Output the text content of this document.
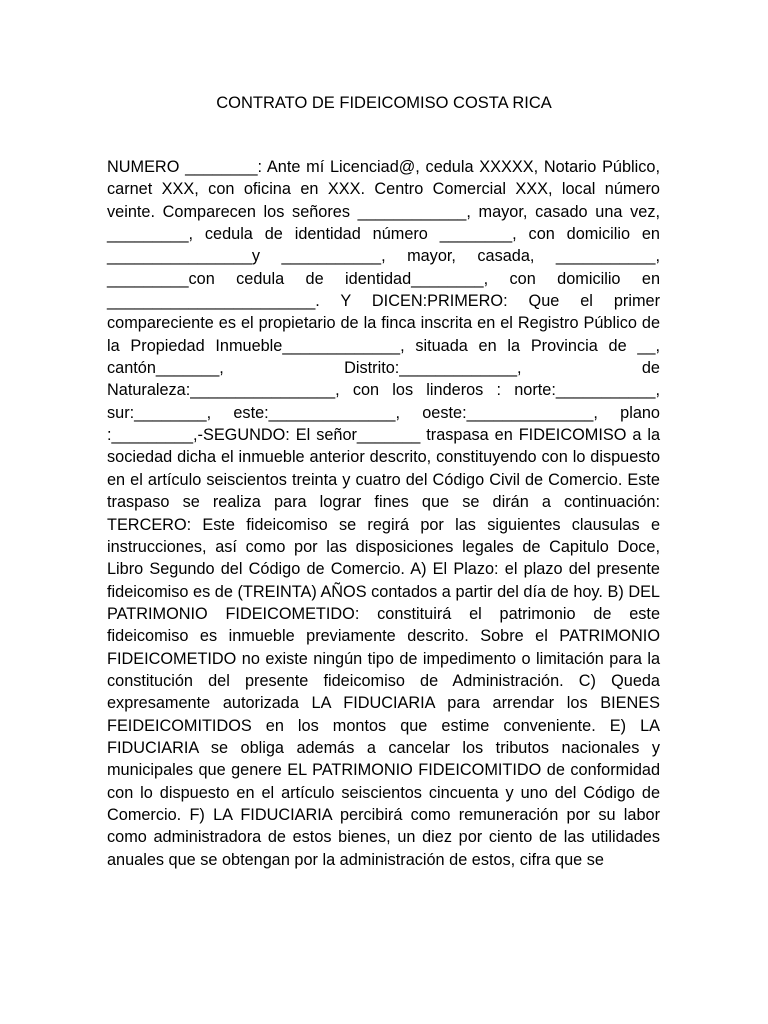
CONTRATO DE FIDEICOMISO COSTA RICA

NUMERO ________: Ante mí Licenciad@, cedula XXXXX, Notario Público, carnet XXX, con oficina en XXX. Centro Comercial XXX, local número veinte. Comparecen los señores ____________, mayor, casado una vez, _________, cedula de identidad número ________, con domicilio en ________________y ___________, mayor, casada, ___________, _________con cedula de identidad________, con domicilio en _______________________. Y DICEN:PRIMERO: Que el primer compareciente es el propietario de la finca inscrita en el Registro Público de la Propiedad Inmueble_____________, situada en la Provincia de __, cantón_______, Distrito:_____________, de Naturaleza:________________, con los linderos : norte:___________, sur:________, este:______________, oeste:______________, plano :_________,-SEGUNDO: El señor_______ traspasa en FIDEICOMISO a la sociedad dicha el inmueble anterior descrito, constituyendo con lo dispuesto en el artículo seiscientos treinta y cuatro del Código Civil de Comercio. Este traspaso se realiza para lograr fines que se dirán a continuación: TERCERO: Este fideicomiso se regirá por las siguientes clausulas e instrucciones, así como por las disposiciones legales de Capitulo Doce, Libro Segundo del Código de Comercio. A) El Plazo: el plazo del presente fideicomiso es de (TREINTA) AÑOS contados a partir del día de hoy. B) DEL PATRIMONIO FIDEICOMETIDO: constituirá el patrimonio de este fideicomiso es inmueble previamente descrito. Sobre el PATRIMONIO FIDEICOMETIDO no existe ningún tipo de impedimento o limitación para la constitución del presente fideicomiso de Administración. C) Queda expresamente autorizada LA FIDUCIARIA para arrendar los BIENES FEIDEICOMITIDOS en los montos que estime conveniente. E) LA FIDUCIARIA se obliga además a cancelar los tributos nacionales y municipales que genere EL PATRIMONIO FIDEICOMITIDO de conformidad con lo dispuesto en el artículo seiscientos cincuenta y uno del Código de Comercio. F) LA FIDUCIARIA percibirá como remuneración por su labor como administradora de estos bienes, un diez por ciento de las utilidades anuales que se obtengan por la administración de estos, cifra que se
